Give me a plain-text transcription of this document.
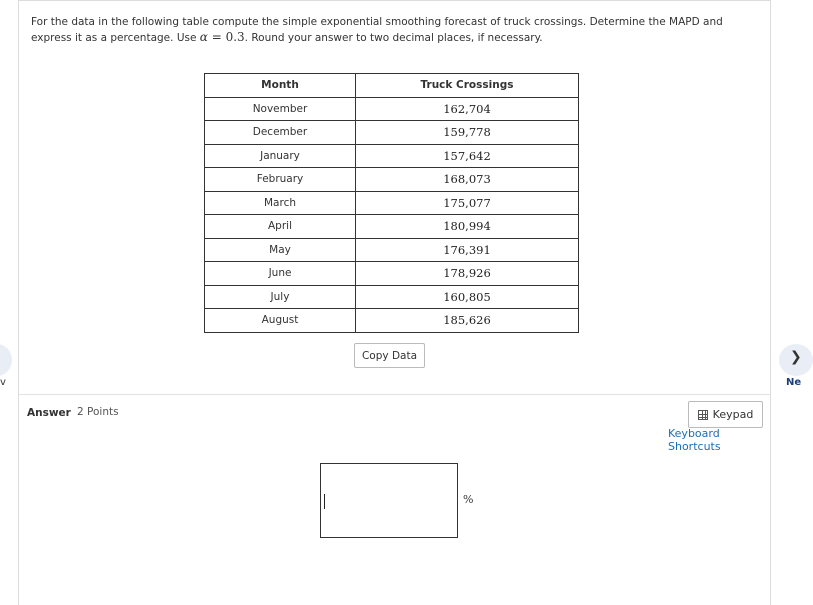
v
For the data in the following table compute the simple exponential smoothing forecast of truck crossings. Determine the MAPD and express it as a percentage. Use α = 0.3. Round your answer to two decimal places, if necessary.
Month	Truck Crossings
November	162,704
December	159,778
January	157,642
February	168,073
March	175,077
April	180,994
May	176,391
June	178,926
July	160,805
August	185,626
Copy Data
Answer 2 Points	Keypad
Keyboard Shortcuts
%
❯
Ne
